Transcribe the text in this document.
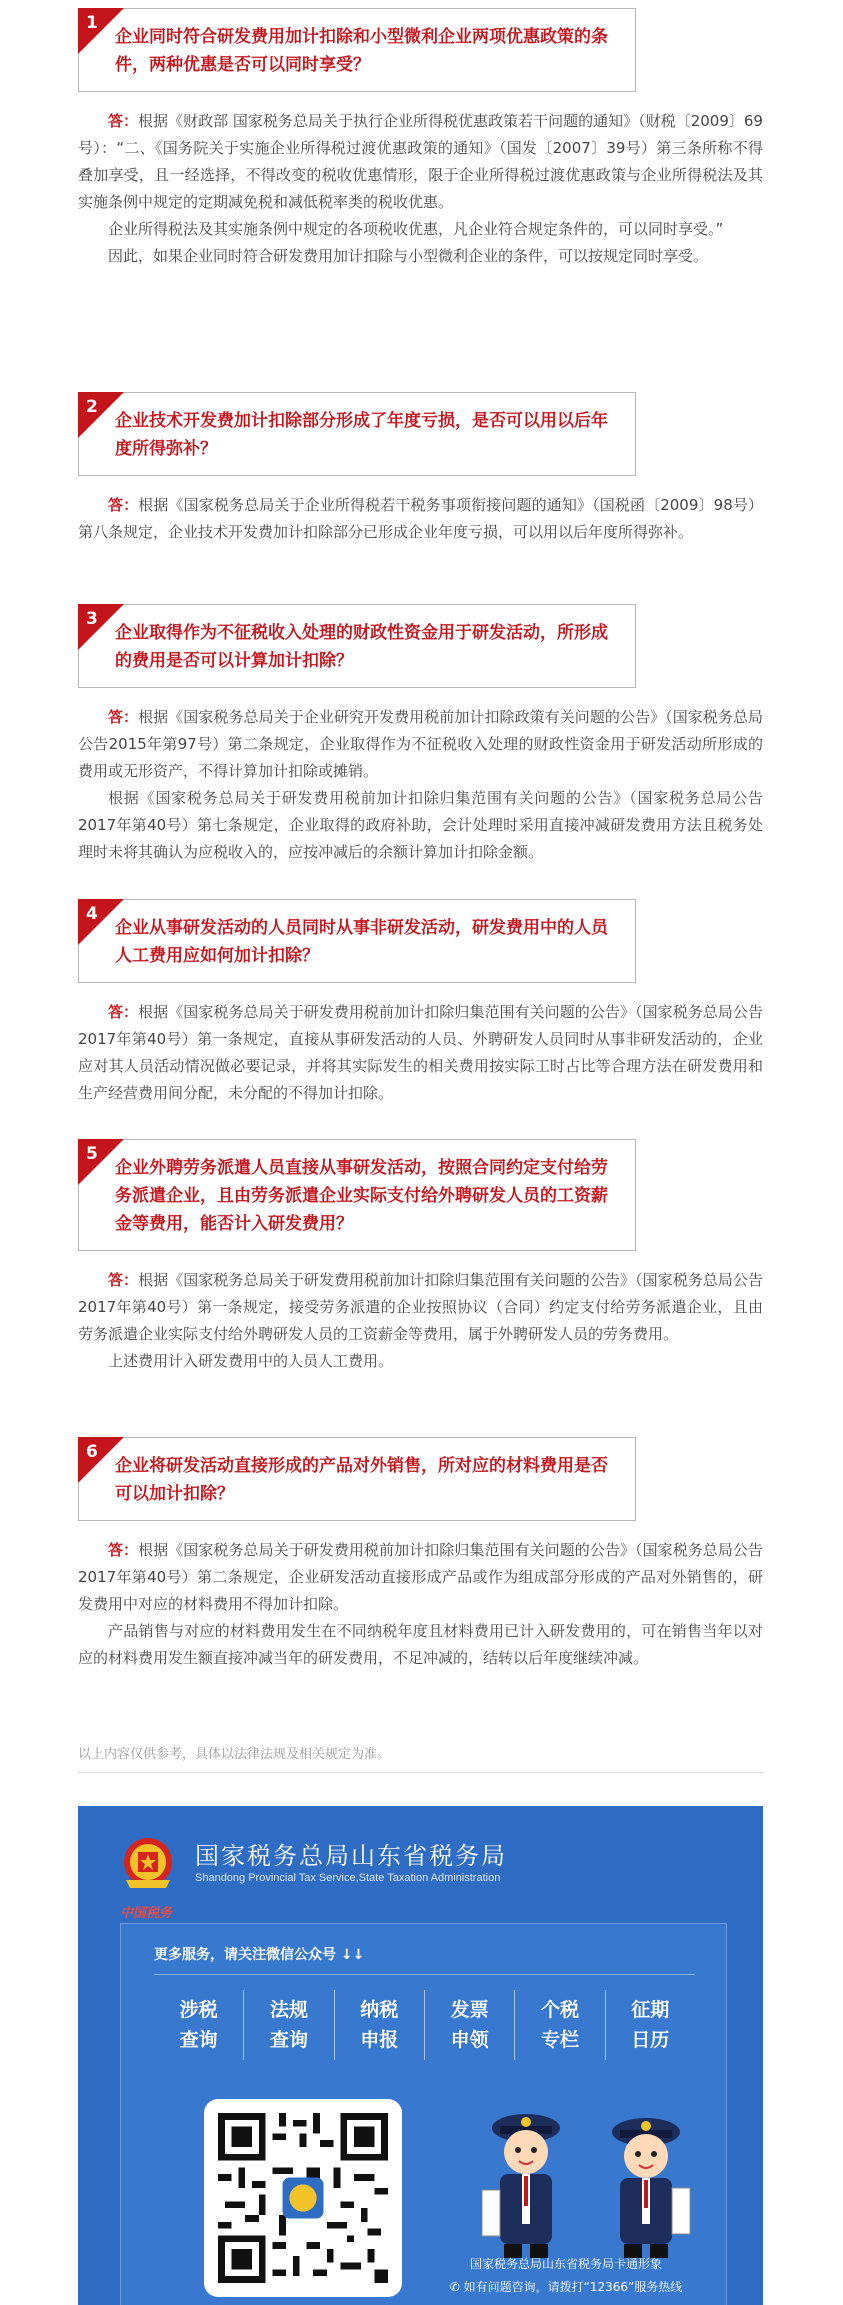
1
企业同时符合研发费用加计扣除和小型微利企业两项优惠政策的条件，两种优惠是否可以同时享受？

答：根据《财政部 国家税务总局关于执行企业所得税优惠政策若干问题的通知》（财税〔2009〕69号）：“二、《国务院关于实施企业所得税过渡优惠政策的通知》（国发〔2007〕39号）第三条所称不得叠加享受，且一经选择，不得改变的税收优惠情形，限于企业所得税过渡优惠政策与企业所得税法及其实施条例中规定的定期减免税和减低税率类的税收优惠。

企业所得税法及其实施条例中规定的各项税收优惠，凡企业符合规定条件的，可以同时享受。”

因此，如果企业同时符合研发费用加计扣除与小型微利企业的条件，可以按规定同时享受。

2
企业技术开发费加计扣除部分形成了年度亏损，是否可以用以后年度所得弥补？

答：根据《国家税务总局关于企业所得税若干税务事项衔接问题的通知》（国税函〔2009〕98号）第八条规定，企业技术开发费加计扣除部分已形成企业年度亏损，可以用以后年度所得弥补。

3
企业取得作为不征税收入处理的财政性资金用于研发活动，所形成的费用是否可以计算加计扣除？

答：根据《国家税务总局关于企业研究开发费用税前加计扣除政策有关问题的公告》（国家税务总局公告2015年第97号）第二条规定，企业取得作为不征税收入处理的财政性资金用于研发活动所形成的费用或无形资产，不得计算加计扣除或摊销。

根据《国家税务总局关于研发费用税前加计扣除归集范围有关问题的公告》（国家税务总局公告2017年第40号）第七条规定，企业取得的政府补助，会计处理时采用直接冲减研发费用方法且税务处理时未将其确认为应税收入的，应按冲减后的余额计算加计扣除金额。

4
企业从事研发活动的人员同时从事非研发活动，研发费用中的人员人工费用应如何加计扣除？

答：根据《国家税务总局关于研发费用税前加计扣除归集范围有关问题的公告》（国家税务总局公告2017年第40号）第一条规定，直接从事研发活动的人员、外聘研发人员同时从事非研发活动的，企业应对其人员活动情况做必要记录，并将其实际发生的相关费用按实际工时占比等合理方法在研发费用和生产经营费用间分配，未分配的不得加计扣除。

5
企业外聘劳务派遣人员直接从事研发活动，按照合同约定支付给劳务派遣企业，且由劳务派遣企业实际支付给外聘研发人员的工资薪金等费用，能否计入研发费用？

答：根据《国家税务总局关于研发费用税前加计扣除归集范围有关问题的公告》（国家税务总局公告2017年第40号）第一条规定，接受劳务派遣的企业按照协议（合同）约定支付给劳务派遣企业，且由劳务派遣企业实际支付给外聘研发人员的工资薪金等费用，属于外聘研发人员的劳务费用。

上述费用计入研发费用中的人员人工费用。

6
企业将研发活动直接形成的产品对外销售，所对应的材料费用是否可以加计扣除？

答：根据《国家税务总局关于研发费用税前加计扣除归集范围有关问题的公告》（国家税务总局公告2017年第40号）第二条规定，企业研发活动直接形成产品或作为组成部分形成的产品对外销售的，研发费用中对应的材料费用不得加计扣除。

产品销售与对应的材料费用发生在不同纳税年度且材料费用已计入研发费用的，可在销售当年以对应的材料费用发生额直接冲减当年的研发费用，不足冲减的，结转以后年度继续冲减。

以上内容仅供参考，具体以法律法规及相关规定为准。
中国税务
国家税务总局山东省税务局
Shandong Provincial Tax Service,State Taxation Administration
更多服务，请关注微信公众号 ↓↓
涉税查询
法规查询
纳税申报
发票申领
个税专栏
征期日历
国家税务总局山东省税务局卡通形象
✆ 如有问题咨询，请拨打“12366”服务热线
